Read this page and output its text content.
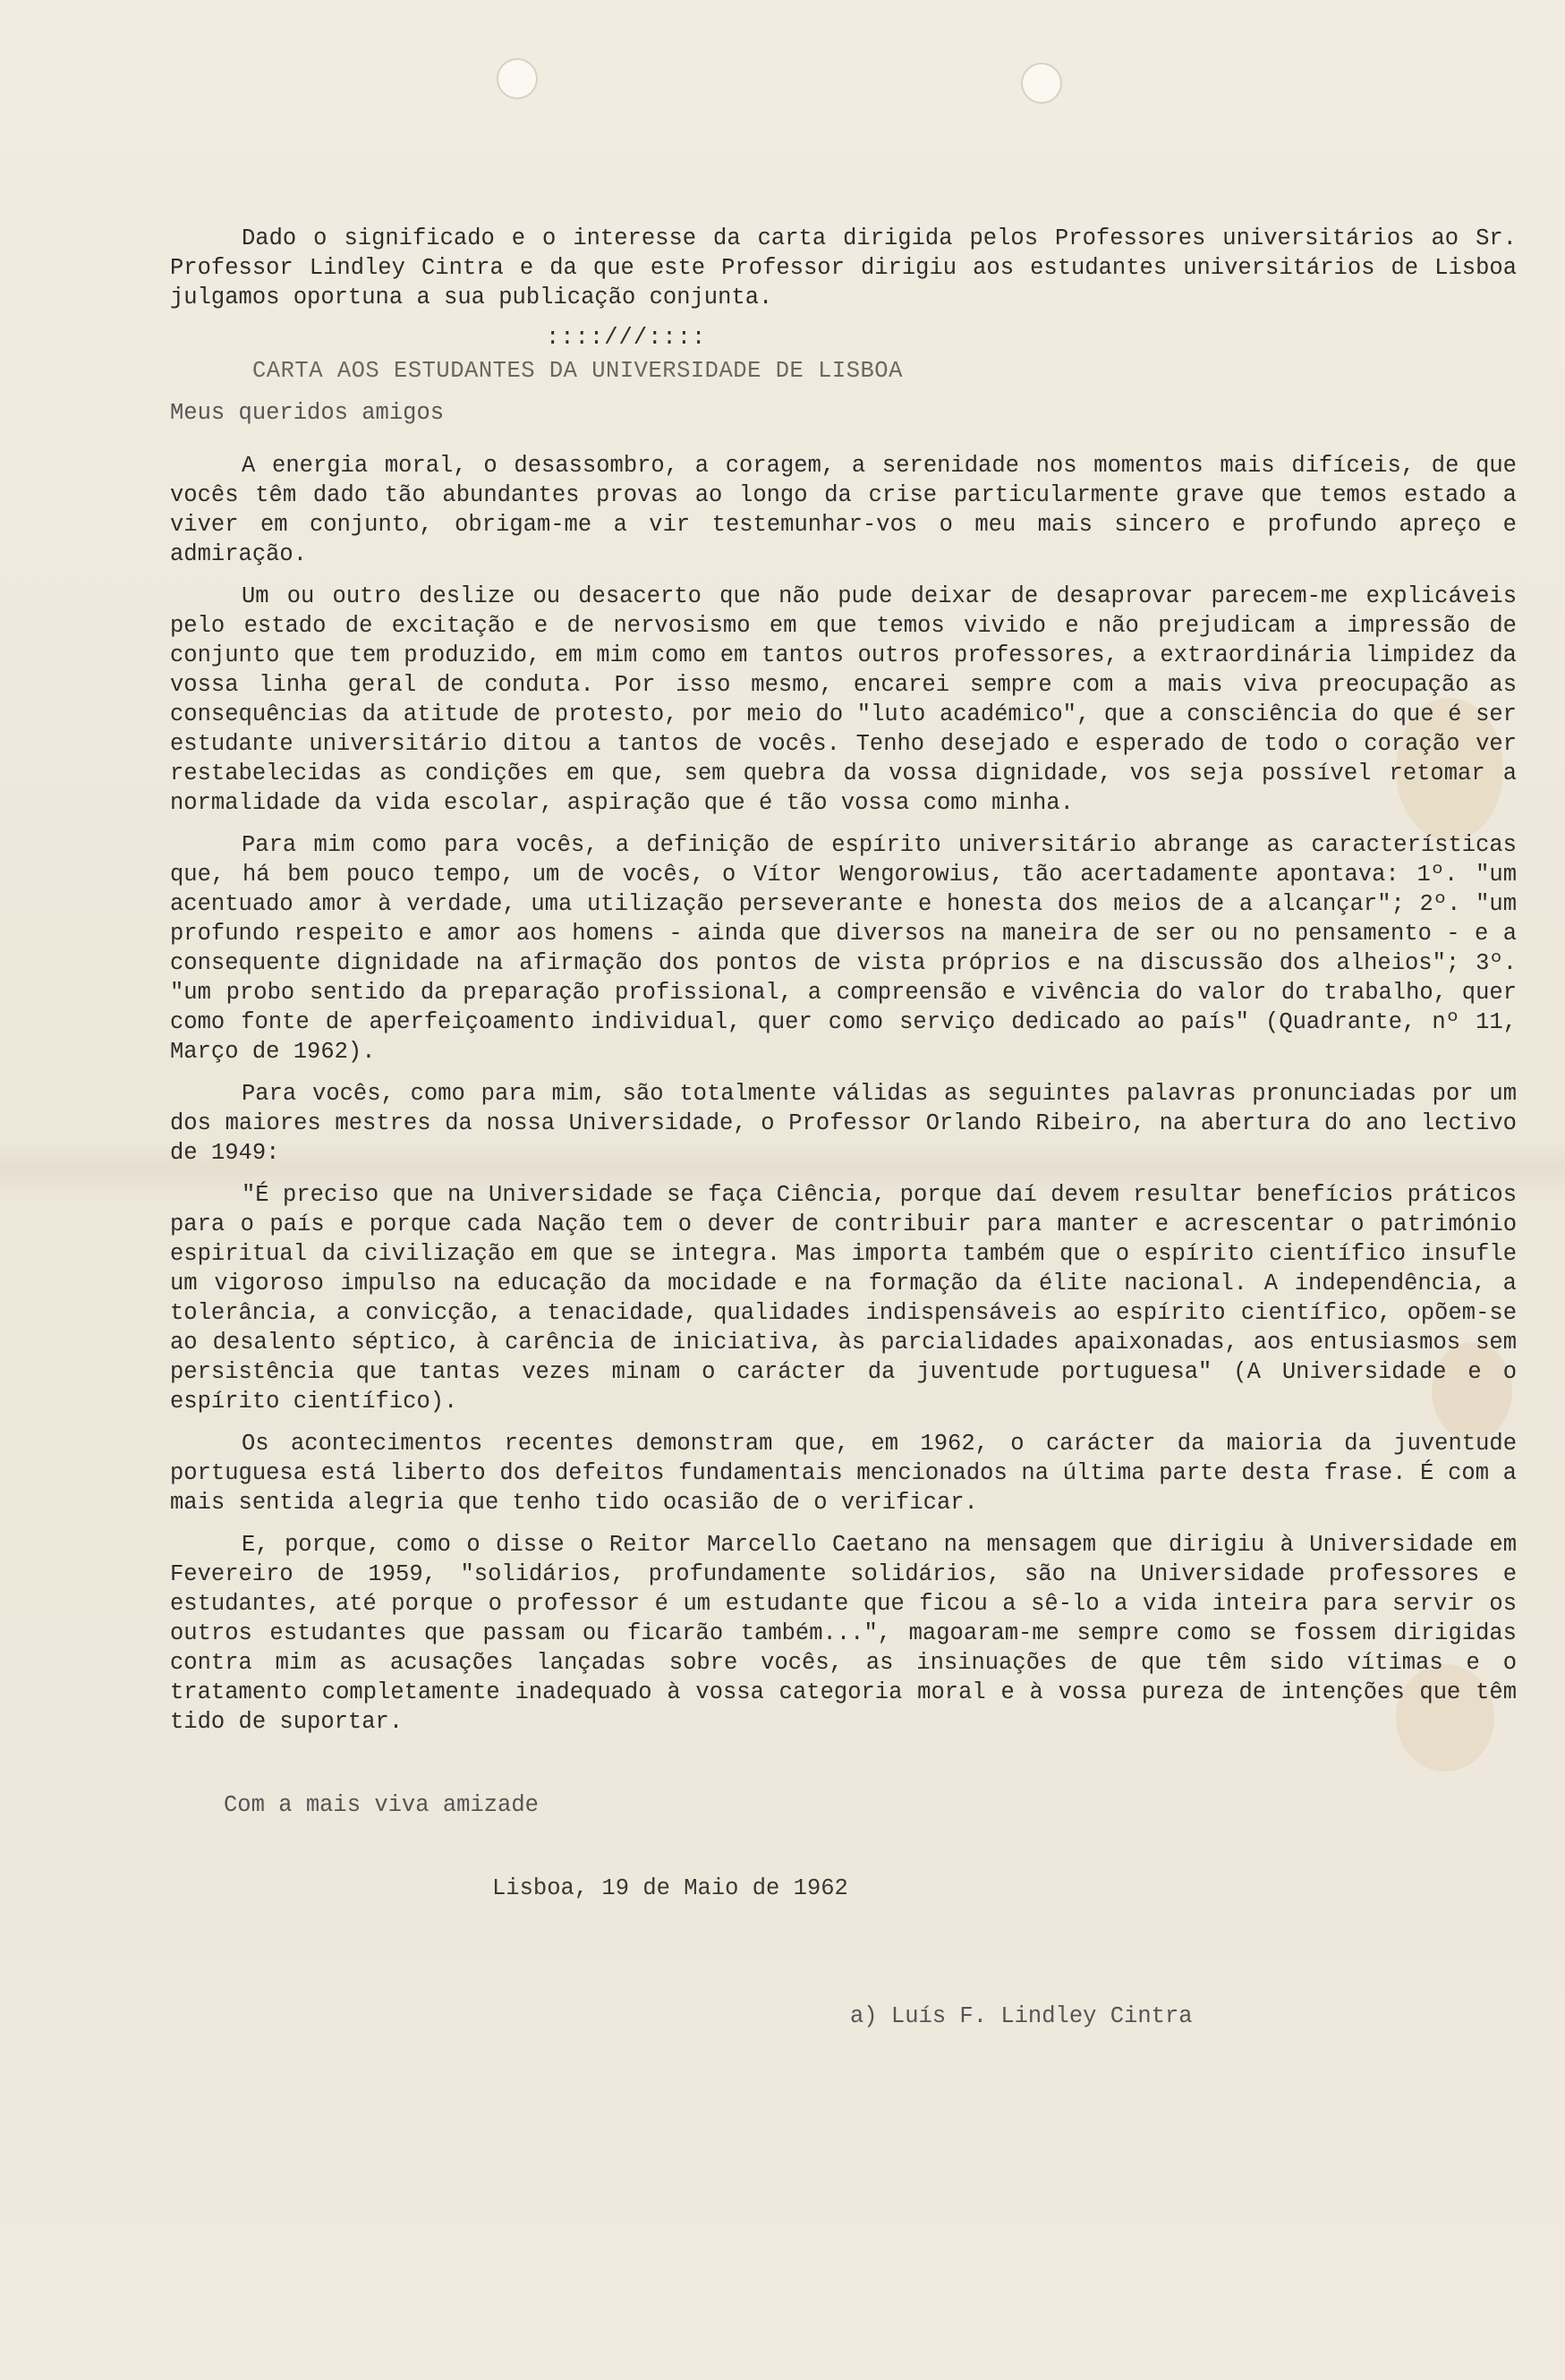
Dado o significado e o interesse da carta dirigida pelos Professores universitários ao Sr. Professor Lindley Cintra e da que este Professor dirigiu aos estudantes universitários de Lisboa julgamos oportuna a sua publicação conjunta.

::::///::::
CARTA AOS ESTUDANTES DA UNIVERSIDADE DE LISBOA
Meus queridos amigos

A energia moral, o desassombro, a coragem, a serenidade nos momentos mais difíceis, de que vocês têm dado tão abundantes provas ao longo da crise particularmente grave que temos estado a viver em conjunto, obrigam-me a vir testemunhar-vos o meu mais sincero e profundo apreço e admiração.

Um ou outro deslize ou desacerto que não pude deixar de desaprovar parecem-me explicáveis pelo estado de excitação e de nervosismo em que temos vivido e não prejudicam a impressão de conjunto que tem produzido, em mim como em tantos outros professores, a extraordinária limpidez da vossa linha geral de conduta. Por isso mesmo, encarei sempre com a mais viva preocupação as consequências da atitude de protesto, por meio do "luto académico", que a consciência do que é ser estudante universitário ditou a tantos de vocês. Tenho desejado e esperado de todo o coração ver restabelecidas as condições em que, sem quebra da vossa dignidade, vos seja possível retomar a normalidade da vida escolar, aspiração que é tão vossa como minha.

Para mim como para vocês, a definição de espírito universitário abrange as características que, há bem pouco tempo, um de vocês, o Vítor Wengorowius, tão acertadamente apontava: 1º. "um acentuado amor à verdade, uma utilização perseverante e honesta dos meios de a alcançar"; 2º. "um profundo respeito e amor aos homens - ainda que diversos na maneira de ser ou no pensamento - e a consequente dignidade na afirmação dos pontos de vista próprios e na discussão dos alheios"; 3º. "um probo sentido da preparação profissional, a compreensão e vivência do valor do trabalho, quer como fonte de aperfeiçoamento individual, quer como serviço dedicado ao país" (Quadrante, nº 11, Março de 1962).

Para vocês, como para mim, são totalmente válidas as seguintes palavras pronunciadas por um dos maiores mestres da nossa Universidade, o Professor Orlando Ribeiro, na abertura do ano lectivo de 1949:

"É preciso que na Universidade se faça Ciência, porque daí devem resultar benefícios práticos para o país e porque cada Nação tem o dever de contribuir para manter e acrescentar o património espiritual da civilização em que se integra. Mas importa também que o espírito científico insufle um vigoroso impulso na educação da mocidade e na formação da élite nacional. A independência, a tolerância, a convicção, a tenacidade, qualidades indispensáveis ao espírito científico, opõem-se ao desalento séptico, à carência de iniciativa, às parcialidades apaixonadas, aos entusiasmos sem persistência que tantas vezes minam o carácter da juventude portuguesa" (A Universidade e o espírito científico).

Os acontecimentos recentes demonstram que, em 1962, o carácter da maioria da juventude portuguesa está liberto dos defeitos fundamentais mencionados na última parte desta frase. É com a mais sentida alegria que tenho tido ocasião de o verificar.

E, porque, como o disse o Reitor Marcello Caetano na mensagem que dirigiu à Universidade em Fevereiro de 1959, "solidários, profundamente solidários, são na Universidade professores e estudantes, até porque o professor é um estudante que ficou a sê-lo a vida inteira para servir os outros estudantes que passam ou ficarão também...", magoaram-me sempre como se fossem dirigidas contra mim as acusações lançadas sobre vocês, as insinuações de que têm sido vítimas e o tratamento completamente inadequado à vossa categoria moral e à vossa pureza de intenções que têm tido de suportar.

Com a mais viva amizade
Lisboa, 19 de Maio de 1962
a) Luís F. Lindley Cintra
